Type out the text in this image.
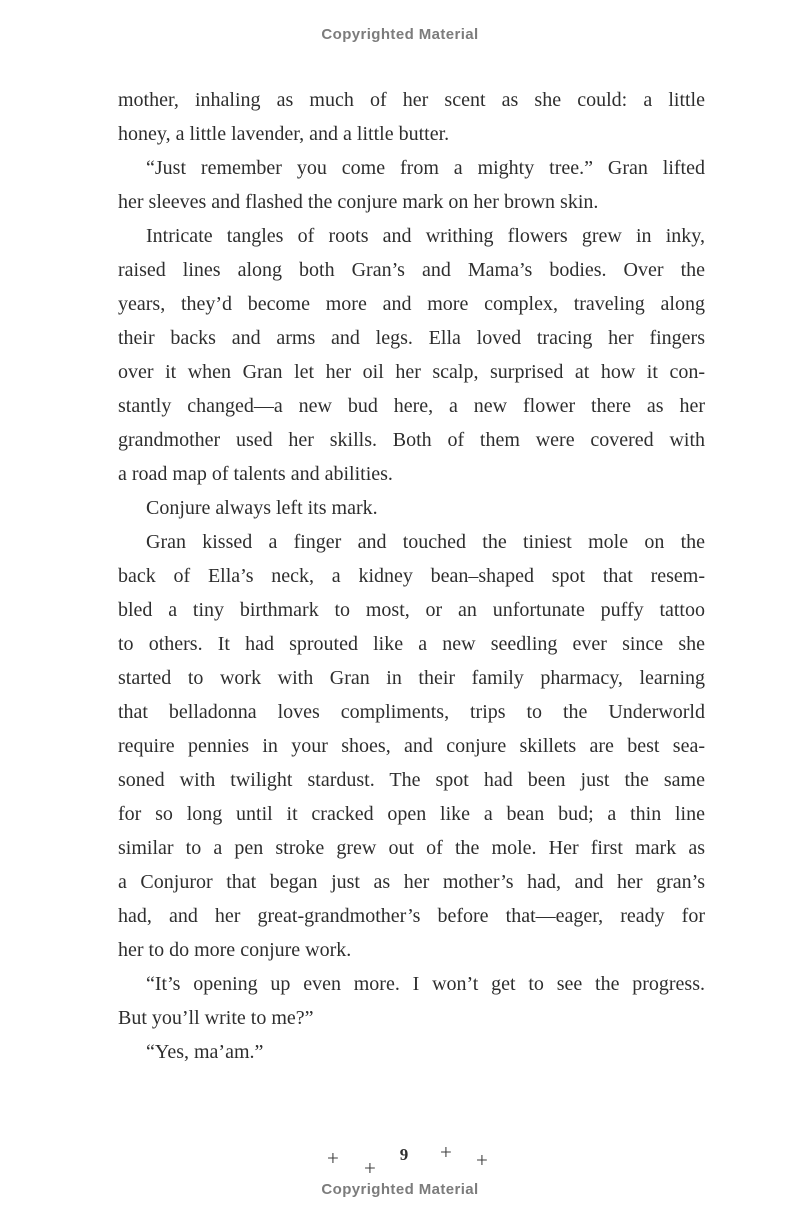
Copyrighted Material
mother, inhaling as much of her scent as she could: a little
honey, a little lavender, and a little butter.
“Just remember you come from a mighty tree.” Gran lifted
her sleeves and flashed the conjure mark on her brown skin.
Intricate tangles of roots and writhing flowers grew in inky,
raised lines along both Gran’s and Mama’s bodies. Over the
years, they’d become more and more complex, traveling along
their backs and arms and legs. Ella loved tracing her fingers
over it when Gran let her oil her scalp, surprised at how it con-
stantly changed—a new bud here, a new flower there as her
grandmother used her skills. Both of them were covered with
a road map of talents and abilities.
Conjure always left its mark.
Gran kissed a finger and touched the tiniest mole on the
back of Ella’s neck, a kidney bean–shaped spot that resem-
bled a tiny birthmark to most, or an unfortunate puffy tattoo
to others. It had sprouted like a new seedling ever since she
started to work with Gran in their family pharmacy, learning
that belladonna loves compliments, trips to the Underworld
require pennies in your shoes, and conjure skillets are best sea-
soned with twilight stardust. The spot had been just the same
for so long until it cracked open like a bean bud; a thin line
similar to a pen stroke grew out of the mole. Her first mark as
a Conjuror that began just as her mother’s had, and her gran’s
had, and her great-grandmother’s before that—eager, ready for
her to do more conjure work.
“It’s opening up even more. I won’t get to see the progress.
But you’ll write to me?”
“Yes, ma’am.”
+ +
9 + +
Copyrighted Material
